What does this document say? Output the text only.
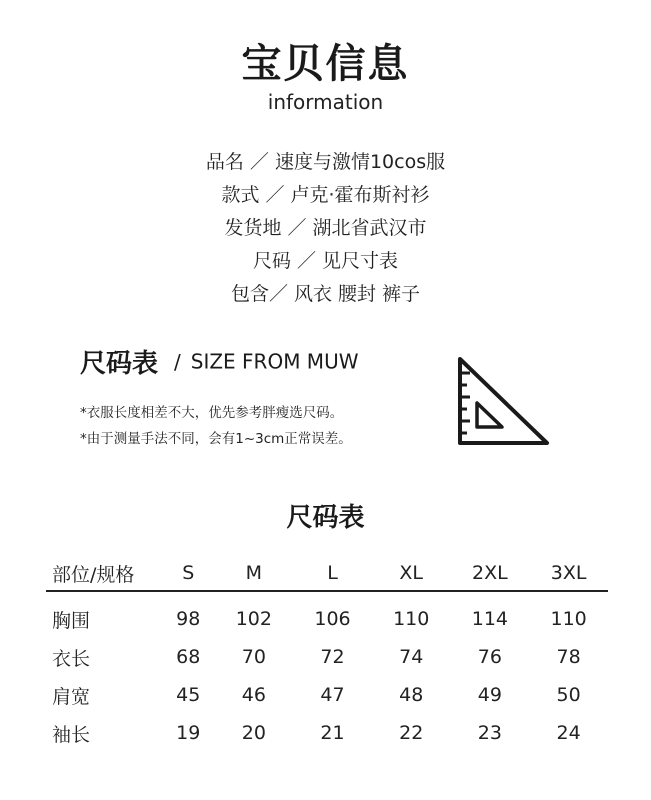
宝贝信息
information
品名 ／ 速度与激情10cos服
款式 ／ 卢克·霍布斯衬衫
发货地 ／ 湖北省武汉市
尺码 ／ 见尺寸表
包含／ 风衣 腰封 裤子
尺码表 / SIZE FROM MUW
*衣服长度相差不大，优先参考胖瘦选尺码。
*由于测量手法不同，会有1~3cm正常误差。
尺码表
部位/规格	S	M	L	XL	2XL	3XL
胸围	98	102	106	110	114	110
衣长	68	70	72	74	76	78
肩宽	45	46	47	48	49	50
袖长	19	20	21	22	23	24
